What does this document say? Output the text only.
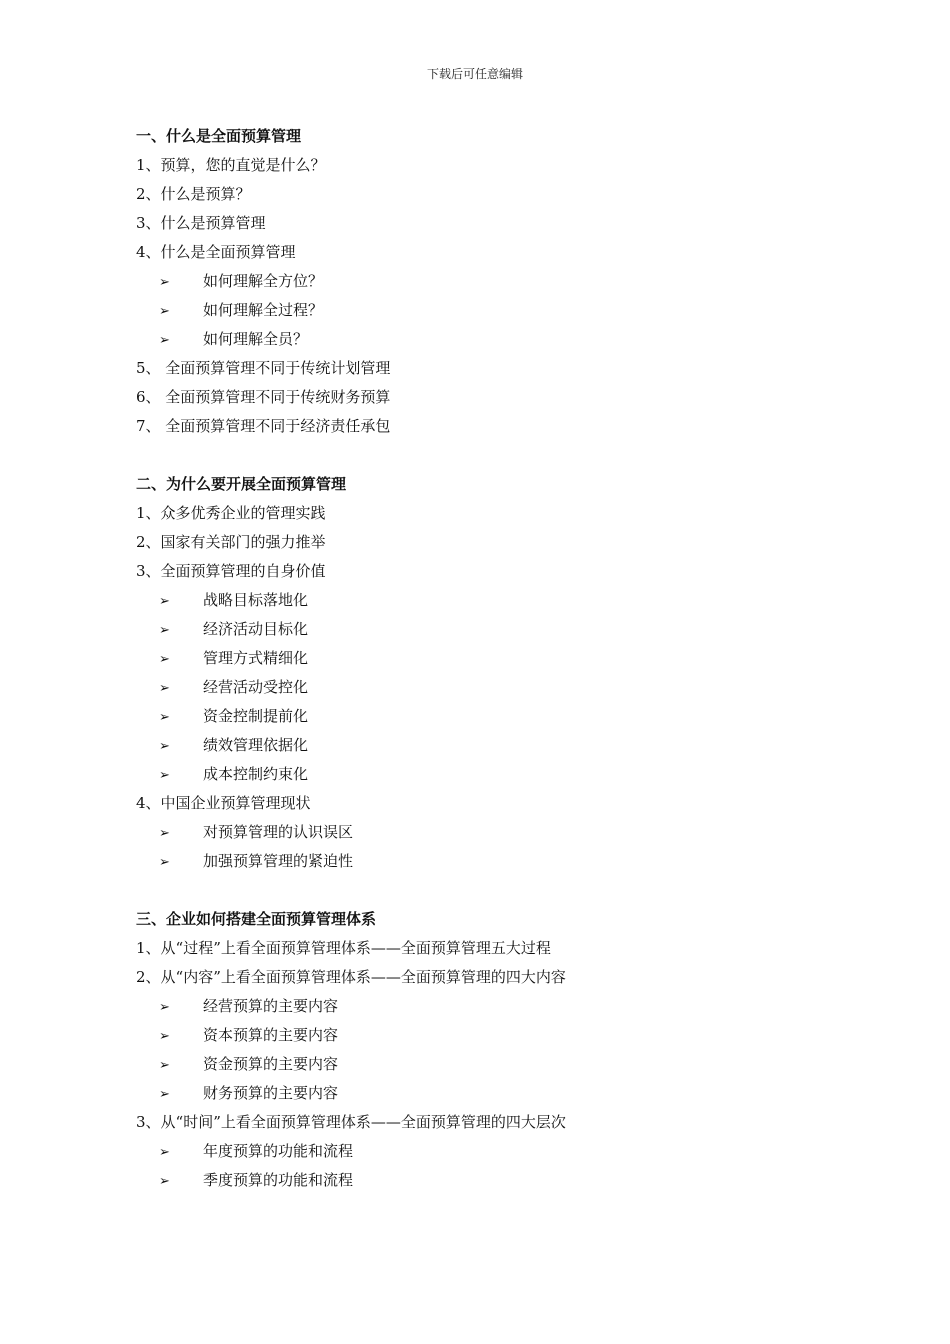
下载后可任意编辑
一、什么是全面预算管理
1、预算，您的直觉是什么？
2、什么是预算？
3、什么是预算管理
4、什么是全面预算管理
➢ 如何理解全方位？
➢ 如何理解全过程？
➢ 如何理解全员？
5、 全面预算管理不同于传统计划管理
6、 全面预算管理不同于传统财务预算
7、 全面预算管理不同于经济责任承包
二、为什么要开展全面预算管理
1、众多优秀企业的管理实践
2、国家有关部门的强力推举
3、全面预算管理的自身价值
➢ 战略目标落地化
➢ 经济活动目标化
➢ 管理方式精细化
➢ 经营活动受控化
➢ 资金控制提前化
➢ 绩效管理依据化
➢ 成本控制约束化
4、中国企业预算管理现状
➢ 对预算管理的认识误区
➢ 加强预算管理的紧迫性
三、企业如何搭建全面预算管理体系
1、从“过程”上看全面预算管理体系——全面预算管理五大过程
2、从“内容”上看全面预算管理体系——全面预算管理的四大内容
➢ 经营预算的主要内容
➢ 资本预算的主要内容
➢ 资金预算的主要内容
➢ 财务预算的主要内容
3、从“时间”上看全面预算管理体系——全面预算管理的四大层次
➢ 年度预算的功能和流程
➢ 季度预算的功能和流程
